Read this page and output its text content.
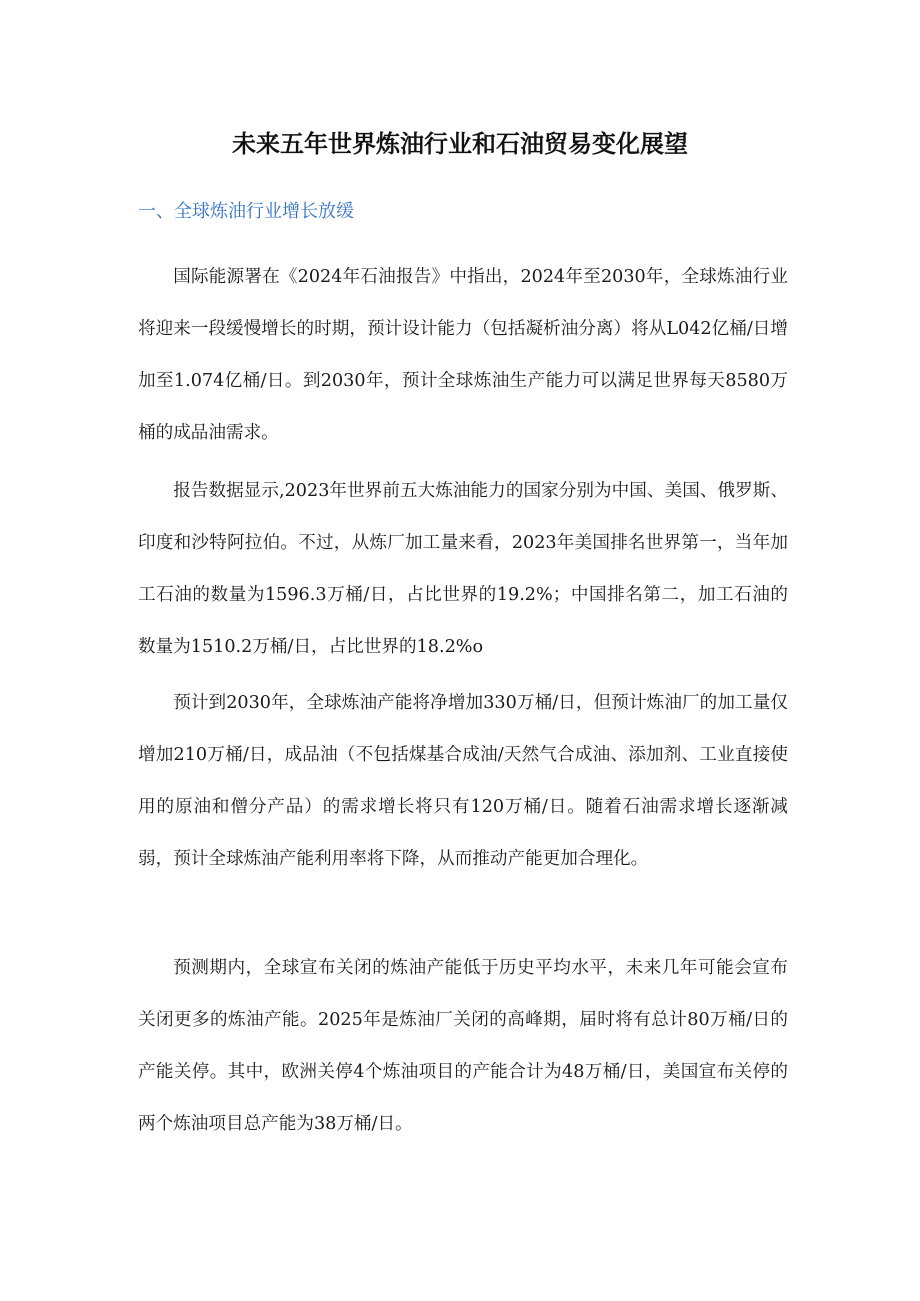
未来五年世界炼油行业和石油贸易变化展望
一、全球炼油行业增长放缓

国际能源署在《2024年石油报告》中指出，2024年至2030年，全球炼油行业将迎来一段缓慢增长的时期，预计设计能力（包括凝析油分离）将从L042亿桶/日增加至1.074亿桶/日。到2030年，预计全球炼油生产能力可以满足世界每天8580万桶的成品油需求。

报告数据显示,2023年世界前五大炼油能力的国家分别为中国、美国、俄罗斯、印度和沙特阿拉伯。不过，从炼厂加工量来看，2023年美国排名世界第一，当年加工石油的数量为1596.3万桶/日，占比世界的19.2%；中国排名第二，加工石油的数量为1510.2万桶/日，占比世界的18.2%o

预计到2030年，全球炼油产能将净增加330万桶/日，但预计炼油厂的加工量仅增加210万桶/日，成品油（不包括煤基合成油/天然气合成油、添加剂、工业直接使用的原油和僧分产品）的需求增长将只有120万桶/日。随着石油需求增长逐渐减弱，预计全球炼油产能利用率将下降，从而推动产能更加合理化。

预测期内，全球宣布关闭的炼油产能低于历史平均水平，未来几年可能会宣布关闭更多的炼油产能。2025年是炼油厂关闭的高峰期，届时将有总计80万桶/日的产能关停。其中，欧洲关停4个炼油项目的产能合计为48万桶/日，美国宣布关停的两个炼油项目总产能为38万桶/日。
